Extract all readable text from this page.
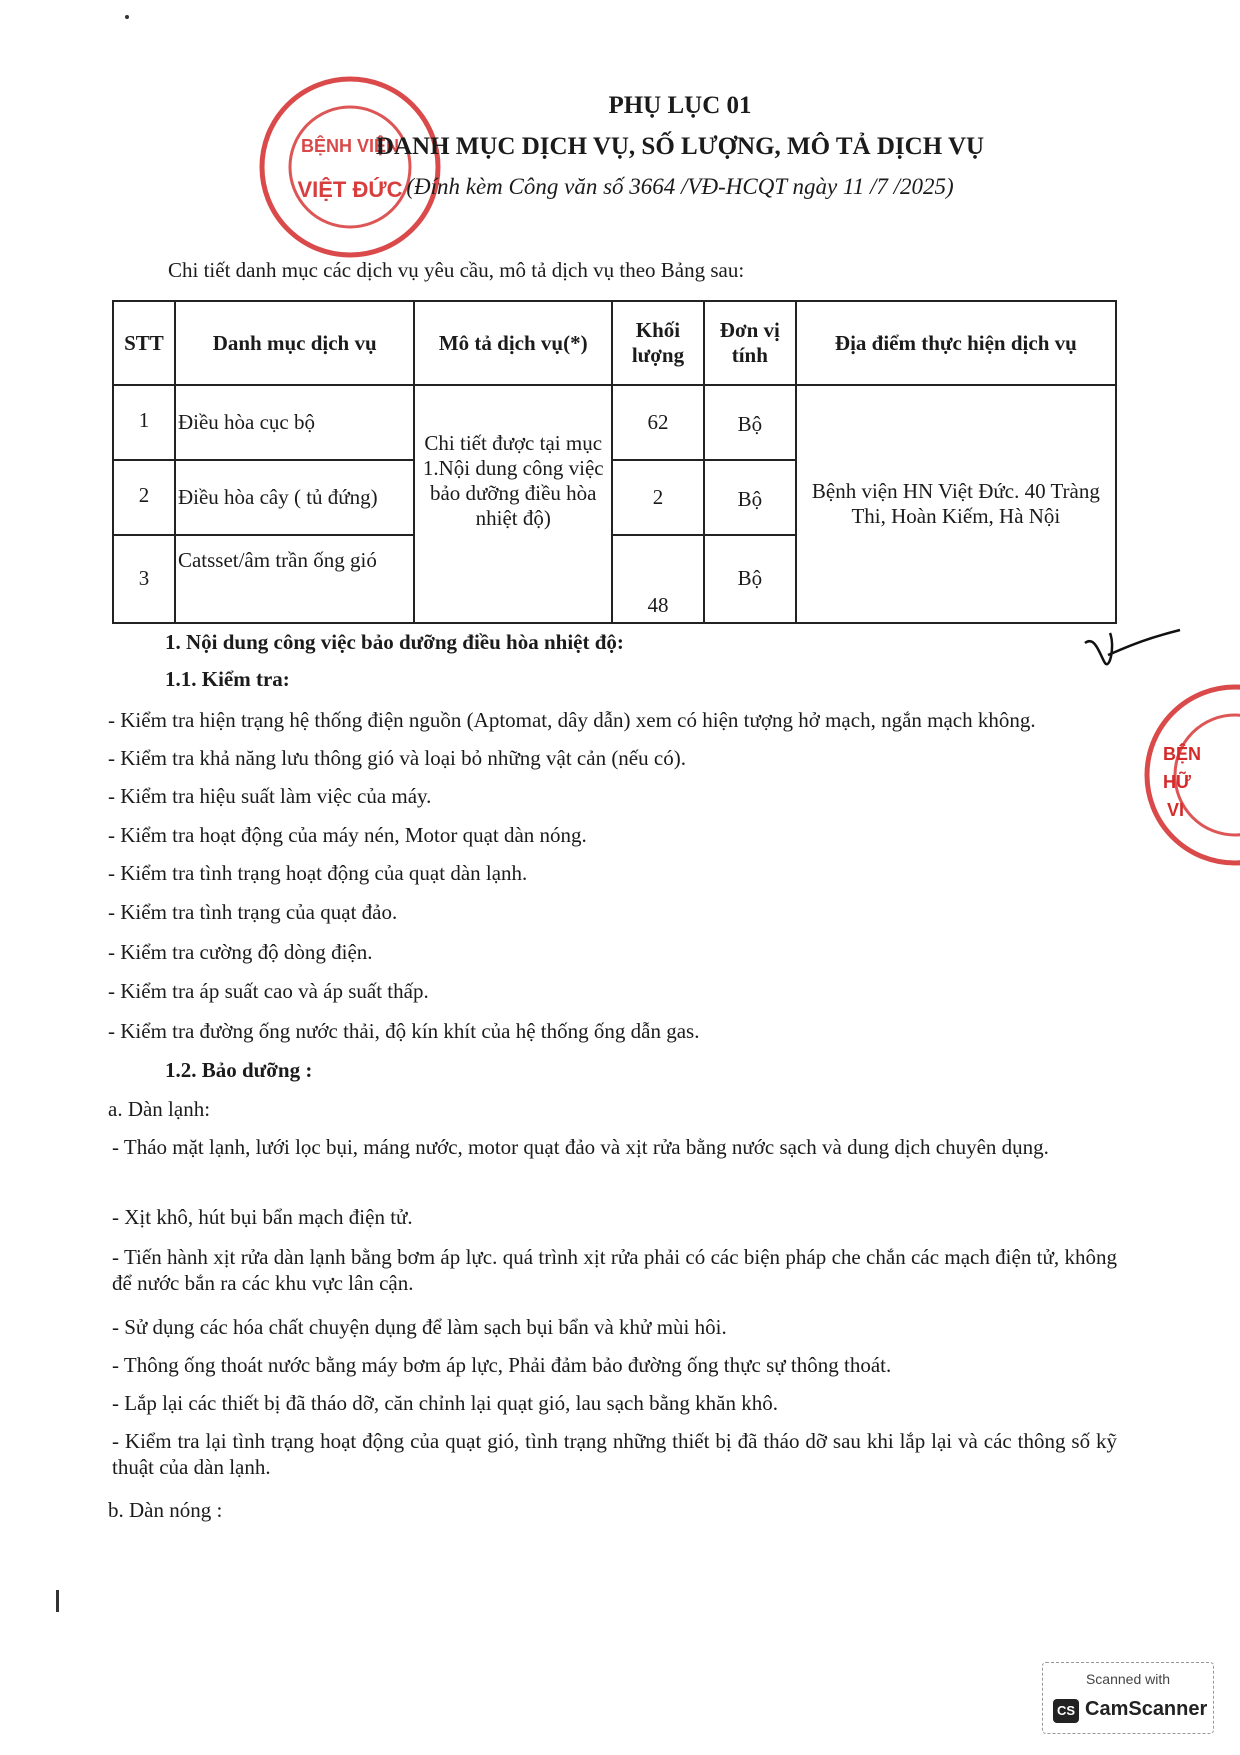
BỆNH VIỆN
VIỆT ĐỨC
PHỤ LỤC 01
DANH MỤC DỊCH VỤ, SỐ LƯỢNG, MÔ TẢ DỊCH VỤ
(Đính kèm Công văn số 3664 /VĐ-HCQT ngày 11 /7 /2025)
Chi tiết danh mục các dịch vụ yêu cầu, mô tả dịch vụ theo Bảng sau:
STT	Danh mục dịch vụ	Mô tả dịch vụ(*)	Khối lượng	Đơn vị tính	Địa điểm thực hiện dịch vụ
1	Điều hòa cục bộ	Chi tiết được tại mục 1.Nội dung công việc bảo dưỡng điều hòa nhiệt độ)	62	Bộ	Bệnh viện HN Việt Đức. 40 Tràng Thi, Hoàn Kiếm, Hà Nội
2	Điều hòa cây ( tủ đứng)		2	Bộ	
3	Catsset/âm trần ống gió		48	Bộ	
BỆN
HỮ
VI
1. Nội dung công việc bảo dưỡng điều hòa nhiệt độ:
1.1. Kiểm tra:
- Kiểm tra hiện trạng hệ thống điện nguồn (Aptomat, dây dẫn) xem có hiện tượng hở mạch, ngắn mạch không.
- Kiểm tra khả năng lưu thông gió và loại bỏ những vật cản (nếu có).
- Kiểm tra hiệu suất làm việc của máy.
- Kiểm tra hoạt động của máy nén, Motor quạt dàn nóng.
- Kiểm tra tình trạng hoạt động của quạt dàn lạnh.
- Kiểm tra tình trạng của quạt đảo.
- Kiểm tra cường độ dòng điện.
- Kiểm tra áp suất cao và áp suất thấp.
- Kiểm tra đường ống nước thải, độ kín khít của hệ thống ống dẫn gas.
1.2. Bảo dưỡng :
a. Dàn lạnh:
- Tháo mặt lạnh, lưới lọc bụi, máng nước, motor quạt đảo và xịt rửa bằng nước sạch và dung dịch chuyên dụng.
- Xịt khô, hút bụi bẩn mạch điện tử.
- Tiến hành xịt rửa dàn lạnh bằng bơm áp lực. quá trình xịt rửa phải có các biện pháp che chắn các mạch điện tử, không để nước bắn ra các khu vực lân cận.
- Sử dụng các hóa chất chuyện dụng để làm sạch bụi bẩn và khử mùi hôi.
- Thông ống thoát nước bằng máy bơm áp lực, Phải đảm bảo đường ống thực sự thông thoát.
- Lắp lại các thiết bị đã tháo dỡ, căn chỉnh lại quạt gió, lau sạch bằng khăn khô.
- Kiểm tra lại tình trạng hoạt động của quạt gió, tình trạng những thiết bị đã tháo dỡ sau khi lắp lại và các thông số kỹ thuật của dàn lạnh.
b. Dàn nóng :
Scanned with
CS CamScanner
